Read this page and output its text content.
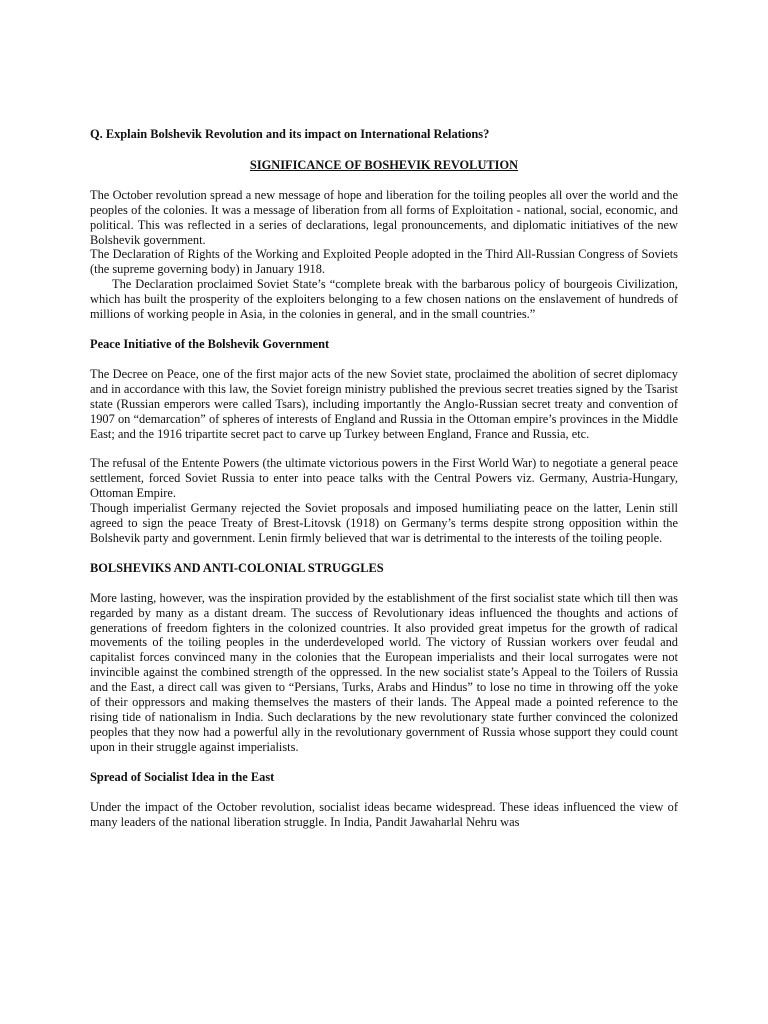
Q. Explain Bolshevik Revolution and its impact on International Relations?
SIGNIFICANCE OF BOSHEVIK REVOLUTION

The October revolution spread a new message of hope and liberation for the toiling peoples all over the world and the peoples of the colonies. It was a message of liberation from all forms of Exploitation - national, social, economic, and political. This was reflected in a series of declarations, legal pronouncements, and diplomatic initiatives of the new Bolshevik government.

The Declaration of Rights of the Working and Exploited People adopted in the Third All-Russian Congress of Soviets (the supreme governing body) in January 1918.

The Declaration proclaimed Soviet State’s “complete break with the barbarous policy of bourgeois Civilization, which has built the prosperity of the exploiters belonging to a few chosen nations on the enslavement of hundreds of millions of working people in Asia, in the colonies in general, and in the small countries.”

Peace Initiative of the Bolshevik Government

The Decree on Peace, one of the first major acts of the new Soviet state, proclaimed the abolition of secret diplomacy and in accordance with this law, the Soviet foreign ministry published the previous secret treaties signed by the Tsarist state (Russian emperors were called Tsars), including importantly the Anglo-Russian secret treaty and convention of 1907 on “demarcation” of spheres of interests of England and Russia in the Ottoman empire’s provinces in the Middle East; and the 1916 tripartite secret pact to carve up Turkey between England, France and Russia, etc.

The refusal of the Entente Powers (the ultimate victorious powers in the First World War) to negotiate a general peace settlement, forced Soviet Russia to enter into peace talks with the Central Powers viz. Germany, Austria-Hungary, Ottoman Empire.

Though imperialist Germany rejected the Soviet proposals and imposed humiliating peace on the latter, Lenin still agreed to sign the peace Treaty of Brest-Litovsk (1918) on Germany’s terms despite strong opposition within the Bolshevik party and government. Lenin firmly believed that war is detrimental to the interests of the toiling people.

BOLSHEVIKS AND ANTI-COLONIAL STRUGGLES

More lasting, however, was the inspiration provided by the establishment of the first socialist state which till then was regarded by many as a distant dream. The success of Revolutionary ideas influenced the thoughts and actions of generations of freedom fighters in the colonized countries. It also provided great impetus for the growth of radical movements of the toiling peoples in the underdeveloped world. The victory of Russian workers over feudal and capitalist forces convinced many in the colonies that the European imperialists and their local surrogates were not invincible against the combined strength of the oppressed. In the new socialist state’s Appeal to the Toilers of Russia and the East, a direct call was given to “Persians, Turks, Arabs and Hindus” to lose no time in throwing off the yoke of their oppressors and making themselves the masters of their lands. The Appeal made a pointed reference to the rising tide of nationalism in India. Such declarations by the new revolutionary state further convinced the colonized peoples that they now had a powerful ally in the revolutionary government of Russia whose support they could count upon in their struggle against imperialists.

Spread of Socialist Idea in the East

Under the impact of the October revolution, socialist ideas became widespread. These ideas influenced the view of many leaders of the national liberation struggle. In India, Pandit Jawaharlal Nehru was
